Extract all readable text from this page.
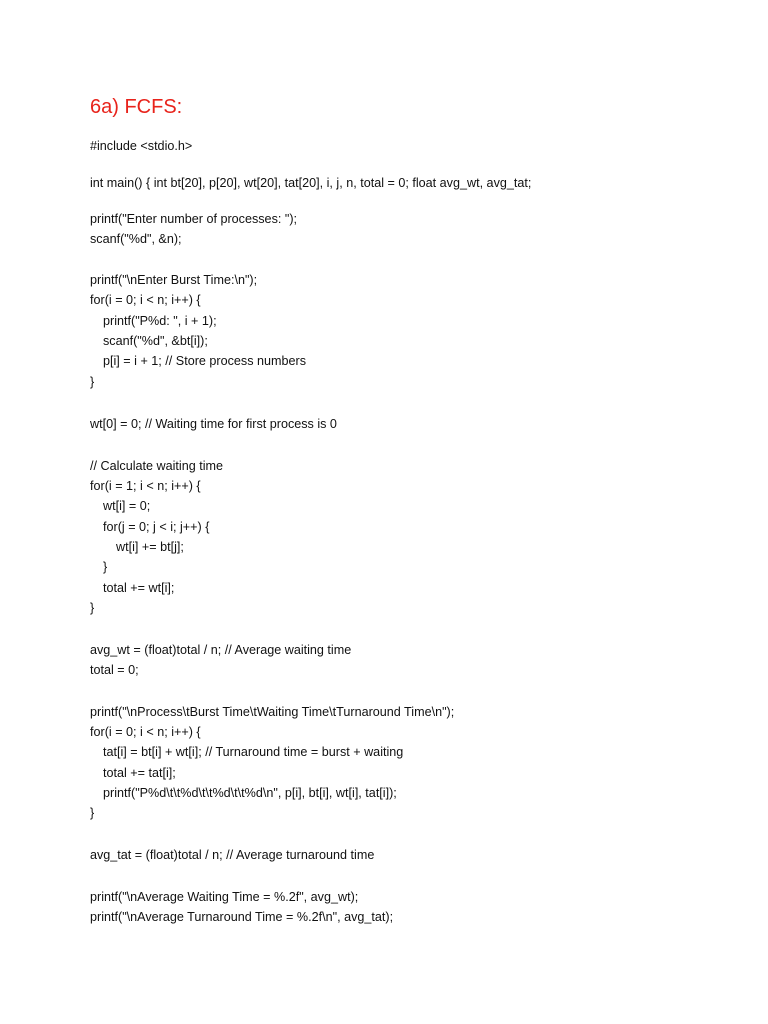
6a) FCFS:
#include <stdio.h>
int main() { int bt[20], p[20], wt[20], tat[20], i, j, n, total = 0; float avg_wt, avg_tat;
printf("Enter number of processes: ");
scanf("%d", &n);
printf("\nEnter Burst Time:\n");
for(i = 0; i < n; i++) {
printf("P%d: ", i + 1);
scanf("%d", &bt[i]);
p[i] = i + 1; // Store process numbers
}
wt[0] = 0; // Waiting time for first process is 0
// Calculate waiting time
for(i = 1; i < n; i++) {
wt[i] = 0;
for(j = 0; j < i; j++) {
wt[i] += bt[j];
}
total += wt[i];
}
avg_wt = (float)total / n; // Average waiting time
total = 0;
printf("\nProcess\tBurst Time\tWaiting Time\tTurnaround Time\n");
for(i = 0; i < n; i++) {
tat[i] = bt[i] + wt[i]; // Turnaround time = burst + waiting
total += tat[i];
printf("P%d\t\t%d\t\t%d\t\t%d\n", p[i], bt[i], wt[i], tat[i]);
}
avg_tat = (float)total / n; // Average turnaround time
printf("\nAverage Waiting Time = %.2f", avg_wt);
printf("\nAverage Turnaround Time = %.2f\n", avg_tat);
